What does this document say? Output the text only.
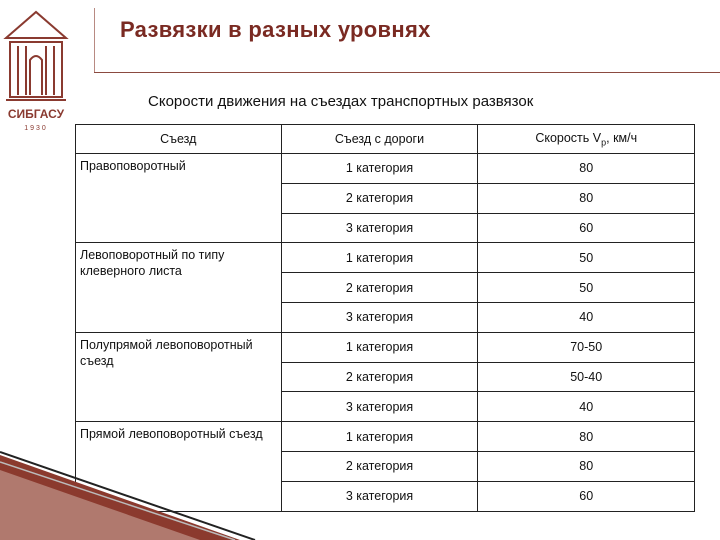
СИБГАСУ
1930
Развязки в разных уровнях
Скорости движения на съездах транспортных развязок
Съезд	Съезд с дороги	Скорость $V_p$, км/ч
Правоповоротный	1 категория	80
	2 категория	80
	3 категория	60
Левоповоротный по типу клеверного листа	1 категория	50
	2 категория	50
	3 категория	40
Полупрямой левоповоротный съезд	1 категория	70-50
	2 категория	50-40
	3 категория	40
Прямой левоповоротный съезд	1 категория	80
	2 категория	80
	3 категория	60
